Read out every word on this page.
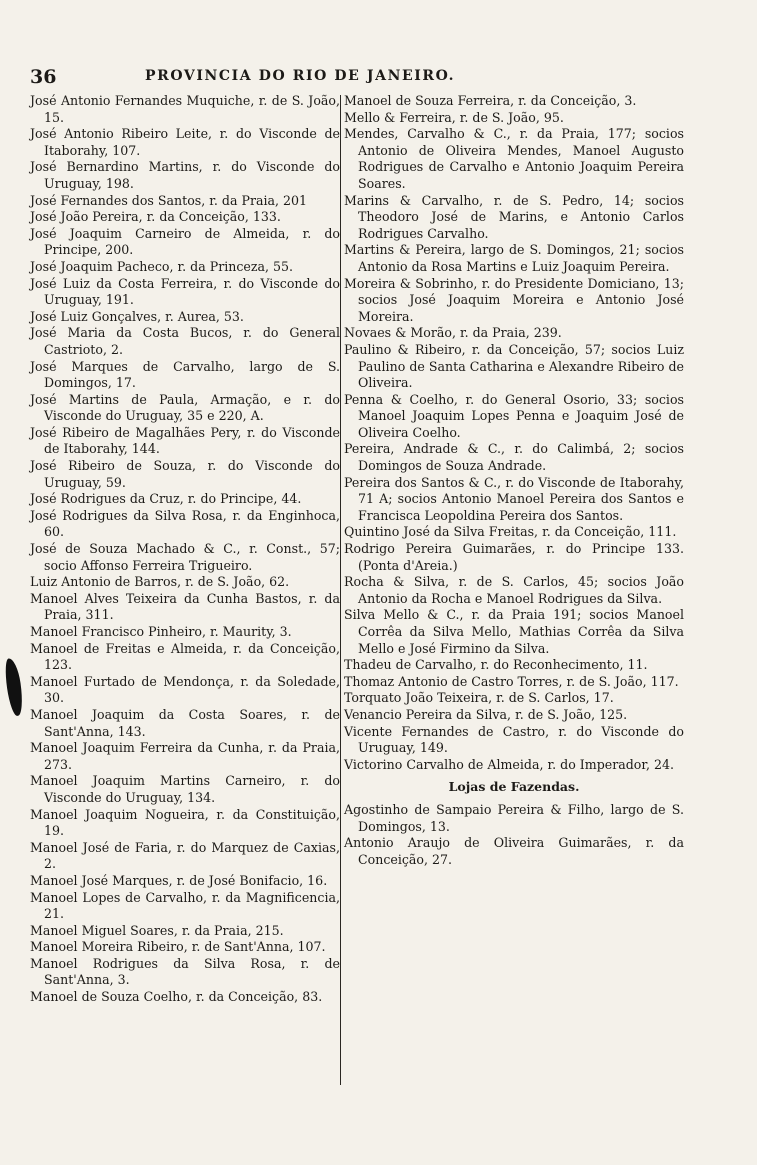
36	PROVINCIA DO RIO DE JANEIRO.
José Antonio Fernandes Muquiche, r. de S. João, 15.
José Antonio Ribeiro Leite, r. do Visconde de Itaborahy, 107.
José Bernardino Martins, r. do Visconde do Uruguay, 198.
José Fernandes dos Santos, r. da Praia, 201
José João Pereira, r. da Conceição, 133.
José Joaquim Carneiro de Almeida, r. do Principe, 200.
José Joaquim Pacheco, r. da Princeza, 55.
José Luiz da Costa Ferreira, r. do Visconde do Uruguay, 191.
José Luiz Gonçalves, r. Aurea, 53.
José Maria da Costa Bucos, r. do General Castrioto, 2.
José Marques de Carvalho, largo de S. Domingos, 17.
José Martins de Paula, Armação, e r. do Visconde do Uruguay, 35 e 220, A.
José Ribeiro de Magalhães Pery, r. do Visconde de Itaborahy, 144.
José Ribeiro de Souza, r. do Visconde do Uruguay, 59.
José Rodrigues da Cruz, r. do Principe, 44.
José Rodrigues da Silva Rosa, r. da Enginhoca, 60.
José de Souza Machado & C., r. Const., 57; socio Affonso Ferreira Trigueiro.
Luiz Antonio de Barros, r. de S. João, 62.
Manoel Alves Teixeira da Cunha Bastos, r. da Praia, 311.
Manoel Francisco Pinheiro, r. Maurity, 3.
Manoel de Freitas e Almeida, r. da Conceição, 123.
Manoel Furtado de Mendonça, r. da Soledade, 30.
Manoel Joaquim da Costa Soares, r. de Sant'Anna, 143.
Manoel Joaquim Ferreira da Cunha, r. da Praia, 273.
Manoel Joaquim Martins Carneiro, r. do Visconde do Uruguay, 134.
Manoel Joaquim Nogueira, r. da Constituição, 19.
Manoel José de Faria, r. do Marquez de Caxias, 2.
Manoel José Marques, r. de José Bonifacio, 16.
Manoel Lopes de Carvalho, r. da Magnificencia, 21.
Manoel Miguel Soares, r. da Praia, 215.
Manoel Moreira Ribeiro, r. de Sant'Anna, 107.
Manoel Rodrigues da Silva Rosa, r. de Sant'Anna, 3.
Manoel de Souza Coelho, r. da Conceição, 83.
Manoel de Souza Ferreira, r. da Conceição, 3.
Mello & Ferreira, r. de S. João, 95.
Mendes, Carvalho & C., r. da Praia, 177; socios Antonio de Oliveira Mendes, Manoel Augusto Rodrigues de Carvalho e Antonio Joaquim Pereira Soares.
Marins & Carvalho, r. de S. Pedro, 14; socios Theodoro José de Marins, e Antonio Carlos Rodrigues Carvalho.
Martins & Pereira, largo de S. Domingos, 21; socios Antonio da Rosa Martins e Luiz Joaquim Pereira.
Moreira & Sobrinho, r. do Presidente Domiciano, 13; socios José Joaquim Moreira e Antonio José Moreira.
Novaes & Morão, r. da Praia, 239.
Paulino & Ribeiro, r. da Conceição, 57; socios Luiz Paulino de Santa Catharina e Alexandre Ribeiro de Oliveira.
Penna & Coelho, r. do General Osorio, 33; socios Manoel Joaquim Lopes Penna e Joaquim José de Oliveira Coelho.
Pereira, Andrade & C., r. do Calimbá, 2; socios Domingos de Souza Andrade.
Pereira dos Santos & C., r. do Visconde de Itaborahy, 71 A; socios Antonio Manoel Pereira dos Santos e Francisca Leopoldina Pereira dos Santos.
Quintino José da Silva Freitas, r. da Conceição, 111.
Rodrigo Pereira Guimarães, r. do Principe 133. (Ponta d'Areia.)
Rocha & Silva, r. de S. Carlos, 45; socios João Antonio da Rocha e Manoel Rodrigues da Silva.
Silva Mello & C., r. da Praia 191; socios Manoel Corrêa da Silva Mello, Mathias Corrêa da Silva Mello e José Firmino da Silva.
Thadeu de Carvalho, r. do Reconhecimento, 11.
Thomaz Antonio de Castro Torres, r. de S. João, 117.
Torquato João Teixeira, r. de S. Carlos, 17.
Venancio Pereira da Silva, r. de S. João, 125.
Vicente Fernandes de Castro, r. do Visconde do Uruguay, 149.
Victorino Carvalho de Almeida, r. do Imperador, 24.
Lojas de Fazendas.
Agostinho de Sampaio Pereira & Filho, largo de S. Domingos, 13.
Antonio Araujo de Oliveira Guimarães, r. da Conceição, 27.
